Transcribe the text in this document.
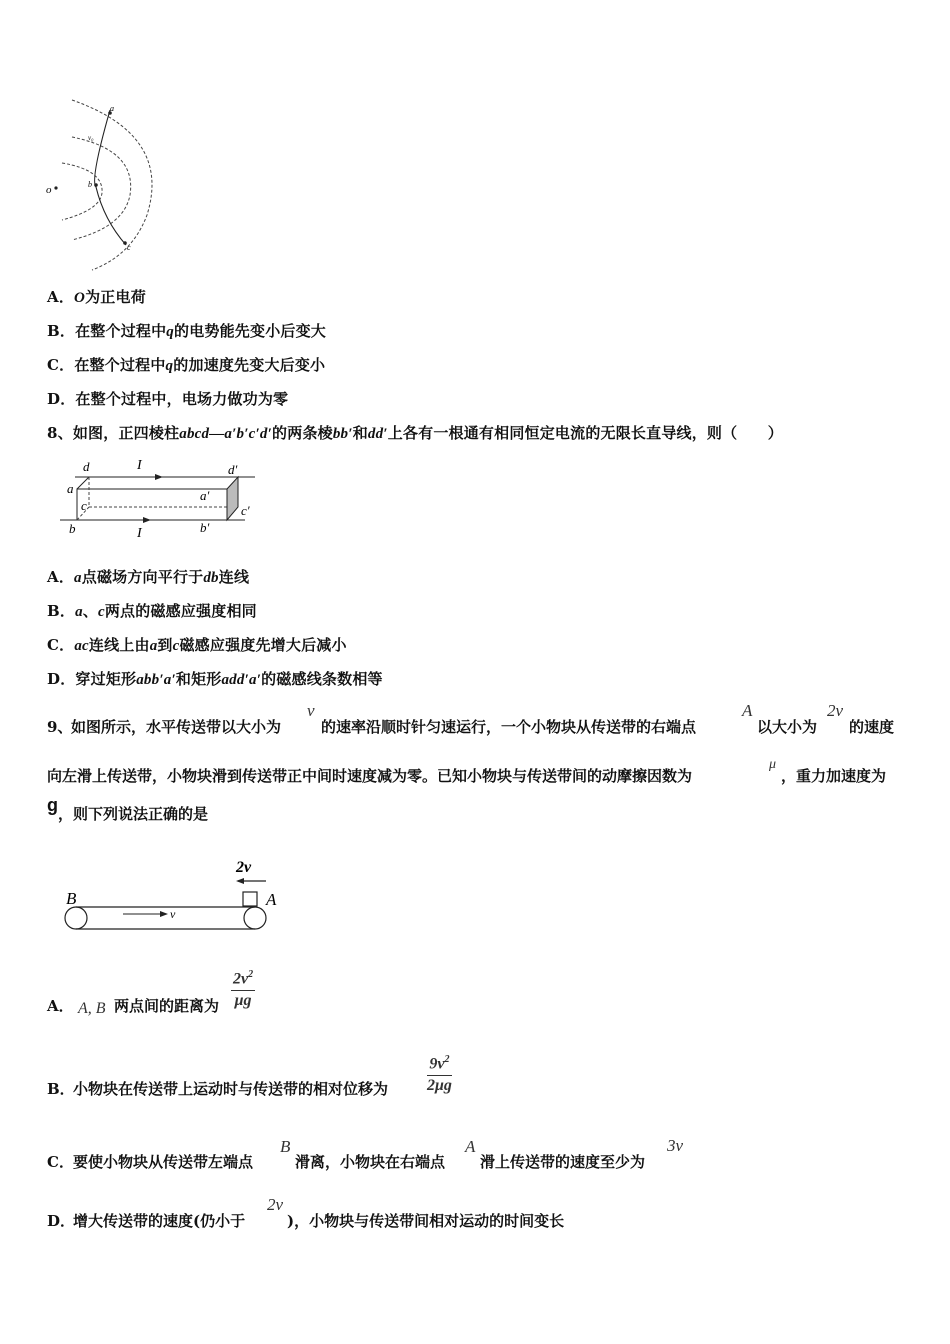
a
v₀
b
c
o
A．O为正电荷
B．在整个过程中q的电势能先变小后变大
C．在整个过程中q的加速度先变大后变小
D．在整个过程中，电场力做功为零
8、如图，正四棱柱abcd—a′b′c′d′的两条棱bb′和dd′上各有一根通有相同恒定电流的无限长直导线，则（　　）
d
a
c
b
d′
a′
c′
b′
I
I
A．a点磁场方向平行于db连线
B．a、c两点的磁感应强度相同
C．ac连线上由a到c磁感应强度先增大后减小
D．穿过矩形abb′a′和矩形add′a′的磁感线条数相等
9、
如图所示，水平传送带以大小为
v
的速率沿顺时针匀速运行，一个小物块从传送带的右端点
A
以大小为
2v
的速度
向左滑上传送带，小物块滑到传送带正中间时速度减为零。已知小物块与传送带间的动摩擦因数为
μ
，重力加速度为
g ，则下列说法正确的是
2v
v
B	A
A． A, B 两点间的距离为 $\frac{2v^2}{\mu g}$
B．
小物块在传送带上运动时与传送带的相对位移为 $\frac{9v^2}{2\mu g}$
C． 要使小物块从传送带左端点
B
滑离，小物块在右端点
A
滑上传送带的速度至少为
3v
D．
增大传送带的速度(仍小于
2v
)，小物块与传送带间相对运动的时间变长
